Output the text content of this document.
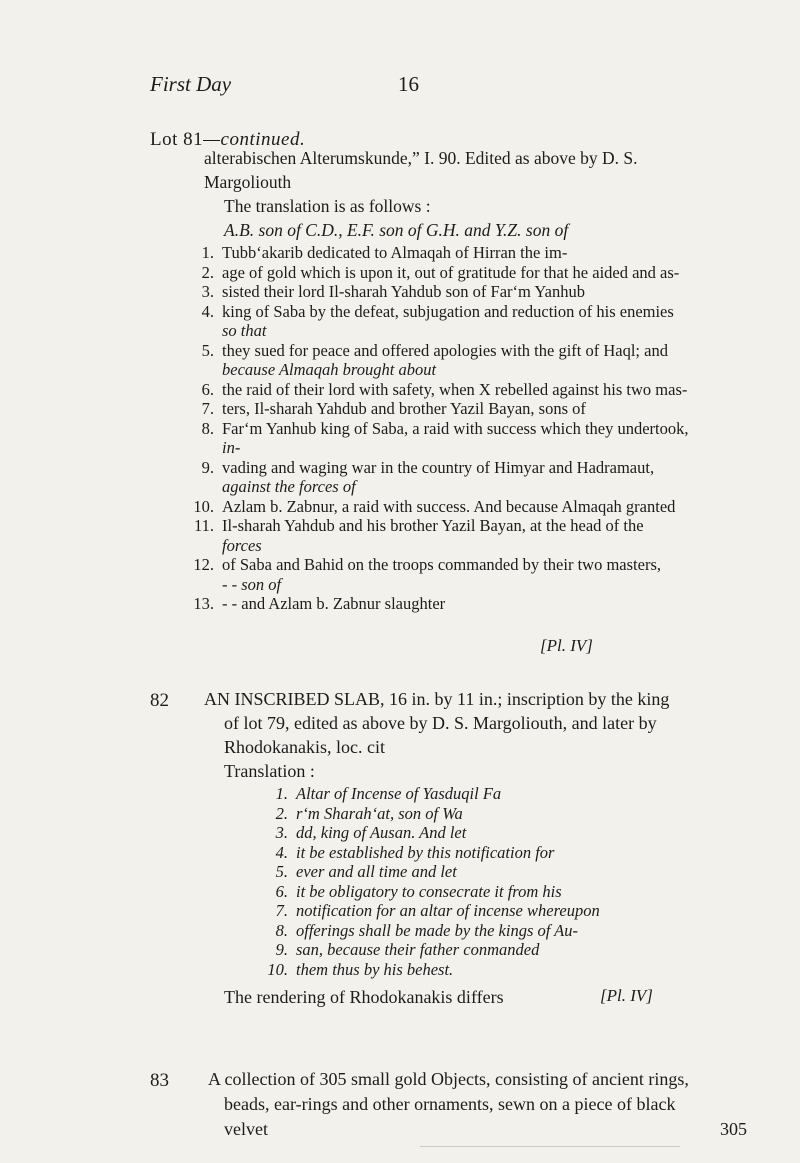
First Day	16
Lot 81—continued.
alterabischen Alterumskunde,” I. 90. Edited as above by D. S.
Margoliouth
The translation is as follows :
A.B. son of C.D., E.F. son of G.H. and Y.Z. son of
1. Tubb‘akarib dedicated to Almaqah of Hirran the im-
2. age of gold which is upon it, out of gratitude for that he aided and as-
3. sisted their lord Il-sharah Yahdub son of Far‘m Yanhub
4. king of Saba by the defeat, subjugation and reduction of his enemies
so that
5. they sued for peace and offered apologies with the gift of Haql; and
because Almaqah brought about
6. the raid of their lord with safety, when X rebelled against his two mas-
7. ters, Il-sharah Yahdub and brother Yazil Bayan, sons of
8. Far‘m Yanhub king of Saba, a raid with success which they undertook,
in-
9. vading and waging war in the country of Himyar and Hadramaut,
against the forces of
10. Azlam b. Zabnur, a raid with success. And because Almaqah granted
11. Il-sharah Yahdub and his brother Yazil Bayan, at the head of the
forces
12. of Saba and Bahid on the troops commanded by their two masters,
- - son of
13. - - and Azlam b. Zabnur slaughter
[Pl. IV]
82 AN INSCRIBED SLAB, 16 in. by 11 in.; inscription by the king
of lot 79, edited as above by D. S. Margoliouth, and later by
Rhodokanakis, loc. cit
Translation :
1. Altar of Incense of Yasduqil Fa
2. r‘m Sharah‘at, son of Wa
3. dd, king of Ausan. And let
4. it be established by this notification for
5. ever and all time and let
6. it be obligatory to consecrate it from his
7. notification for an altar of incense whereupon
8. offerings shall be made by the kings of Au-
9. san, because their father conmanded
10. them thus by his behest.
The rendering of Rhodokanakis differs	[Pl. IV]
83 A collection of 305 small gold Objects, consisting of ancient rings,
beads, ear-rings and other ornaments, sewn on a piece of black
velvet	305
